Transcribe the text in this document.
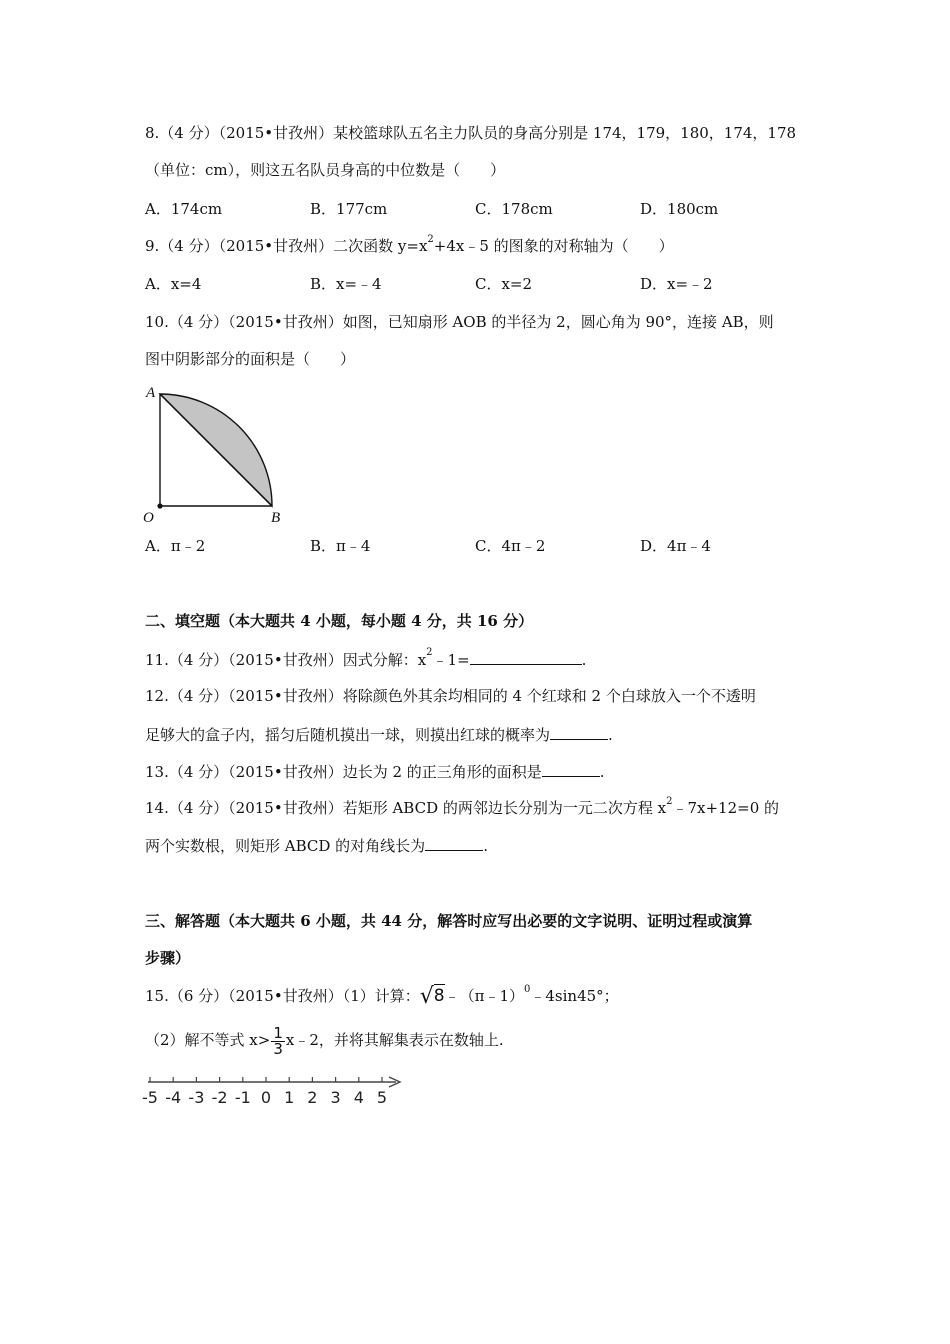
8.（4 分）（2015•甘孜州）某校篮球队五名主力队员的身高分别是 174，179，180，174，178
（单位：cm），则这五名队员身高的中位数是（　　）
A．174cm	B．177cm	C．178cm	D．180cm
9.（4 分）（2015•甘孜州）二次函数 $y=x^2+4x﹣5$ 的图象的对称轴为（　　）
A．x=4	B．x=﹣4	C．x=2	D．x=﹣2
10.（4 分）（2015•甘孜州）如图，已知扇形 AOB 的半径为 2，圆心角为 90°，连接 AB，则
图中阴影部分的面积是（　　）
A
O	B
A．π﹣2	B．π﹣4	C．4π﹣2	D．4π﹣4
二、填空题（本大题共 4 小题，每小题 4 分，共 16 分）
11.（4 分）（2015•甘孜州）因式分解：$x^2﹣1=$	.
12.（4 分）（2015•甘孜州）将除颜色外其余均相同的 4 个红球和 2 个白球放入一个不透明
足够大的盒子内，摇匀后随机摸出一球，则摸出红球的概率为	.
13.（4 分）（2015•甘孜州）边长为 2 的正三角形的面积是	.
14.（4 分）（2015•甘孜州）若矩形 ABCD 的两邻边长分别为一元二次方程 $x^2﹣7x+12=0$ 的
两个实数根，则矩形 ABCD 的对角线长为	.
三、解答题（本大题共 6 小题，共 44 分，解答时应写出必要的文字说明、证明过程或演算
步骤）
15.（6 分）（2015•甘孜州）（1）计算：√8﹣（π﹣1）$^0$﹣4sin45°；
（2）解不等式 $x> \frac{1}{3}$ x﹣2，并将其解集表示在数轴上.
-5 -4 -3 -2 -1 0 1 2 3 4 5
